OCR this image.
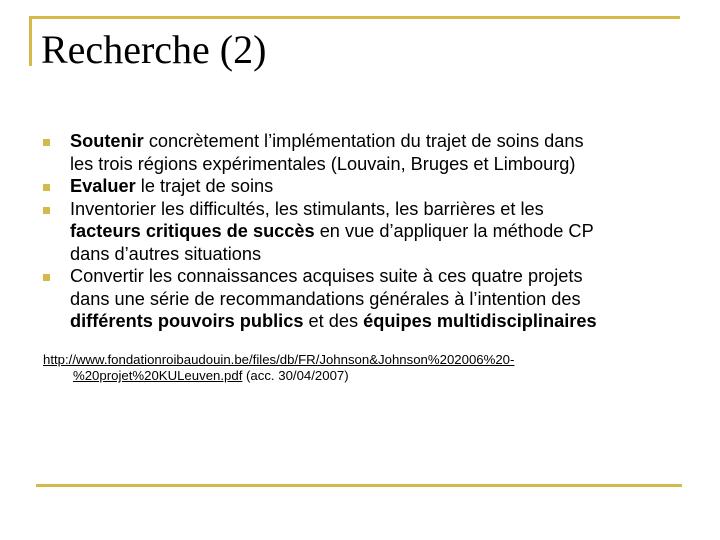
Recherche (2)
Soutenir concrètement l’implémentation du trajet de soins dans
les trois régions expérimentales (Louvain, Bruges et Limbourg)
Evaluer le trajet de soins
Inventorier les difficultés, les stimulants, les barrières et les
facteurs critiques de succès en vue d’appliquer la méthode CP
dans d’autres situations
Convertir les connaissances acquises suite à ces quatre projets
dans une série de recommandations générales à l’intention des
différents pouvoirs publics et des équipes multidisciplinaires
http://www.fondationroibaudouin.be/files/db/FR/Johnson&Johnson%202006%20-
%20projet%20KULeuven.pdf (acc. 30/04/2007)
